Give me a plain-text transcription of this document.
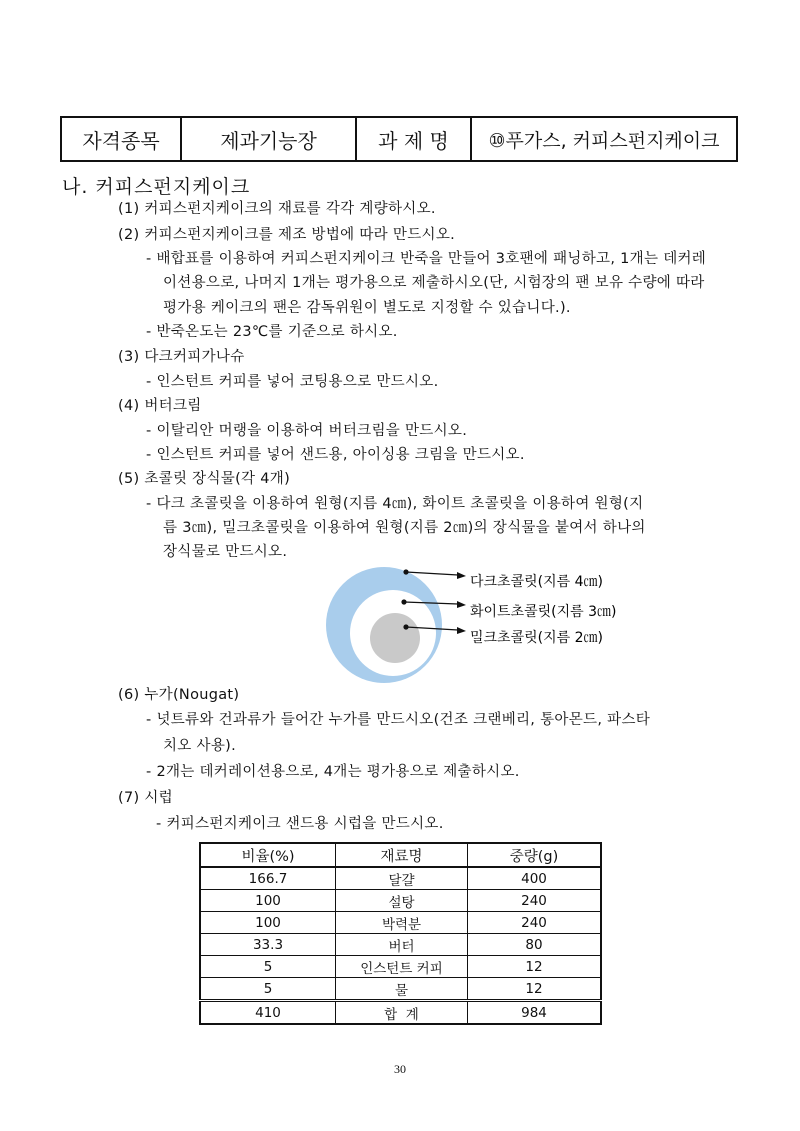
자격종목	제과기능장	과 제 명	⑩푸가스, 커피스펀지케이크
나. 커피스펀지케이크
(1) 커피스펀지케이크의 재료를 각각 계량하시오.
(2) 커피스펀지케이크를 제조 방법에 따라 만드시오.
- 배합표를 이용하여 커피스펀지케이크 반죽을 만들어 3호팬에 패닝하고, 1개는 데커레
이션용으로, 나머지 1개는 평가용으로 제출하시오(단, 시험장의 팬 보유 수량에 따라
평가용 케이크의 팬은 감독위원이 별도로 지정할 수 있습니다.).
- 반죽온도는 23℃를 기준으로 하시오.
(3) 다크커피가나슈
- 인스턴트 커피를 넣어 코팅용으로 만드시오.
(4) 버터크림
- 이탈리안 머랭을 이용하여 버터크림을 만드시오.
- 인스턴트 커피를 넣어 샌드용, 아이싱용 크림을 만드시오.
(5) 초콜릿 장식물(각 4개)
- 다크 초콜릿을 이용하여 원형(지름 4㎝), 화이트 초콜릿을 이용하여 원형(지
름 3㎝), 밀크초콜릿을 이용하여 원형(지름 2㎝)의 장식물을 붙여서 하나의
장식물로 만드시오.
다크초콜릿(지름 4㎝)
화이트초콜릿(지름 3㎝)
밀크초콜릿(지름 2㎝)
(6) 누가(Nougat)
- 넛트류와 건과류가 들어간 누가를 만드시오(건조 크랜베리, 통아몬드, 파스타
치오 사용).
- 2개는 데커레이션용으로, 4개는 평가용으로 제출하시오.
(7) 시럽
- 커피스펀지케이크 샌드용 시럽을 만드시오.
비율(%)	재료명	중량(g)
166.7	달걀	400
100	설탕	240
100	박력분	240
33.3	버터	80
5	인스턴트 커피	12
5	물	12
410	합  계	984
30
